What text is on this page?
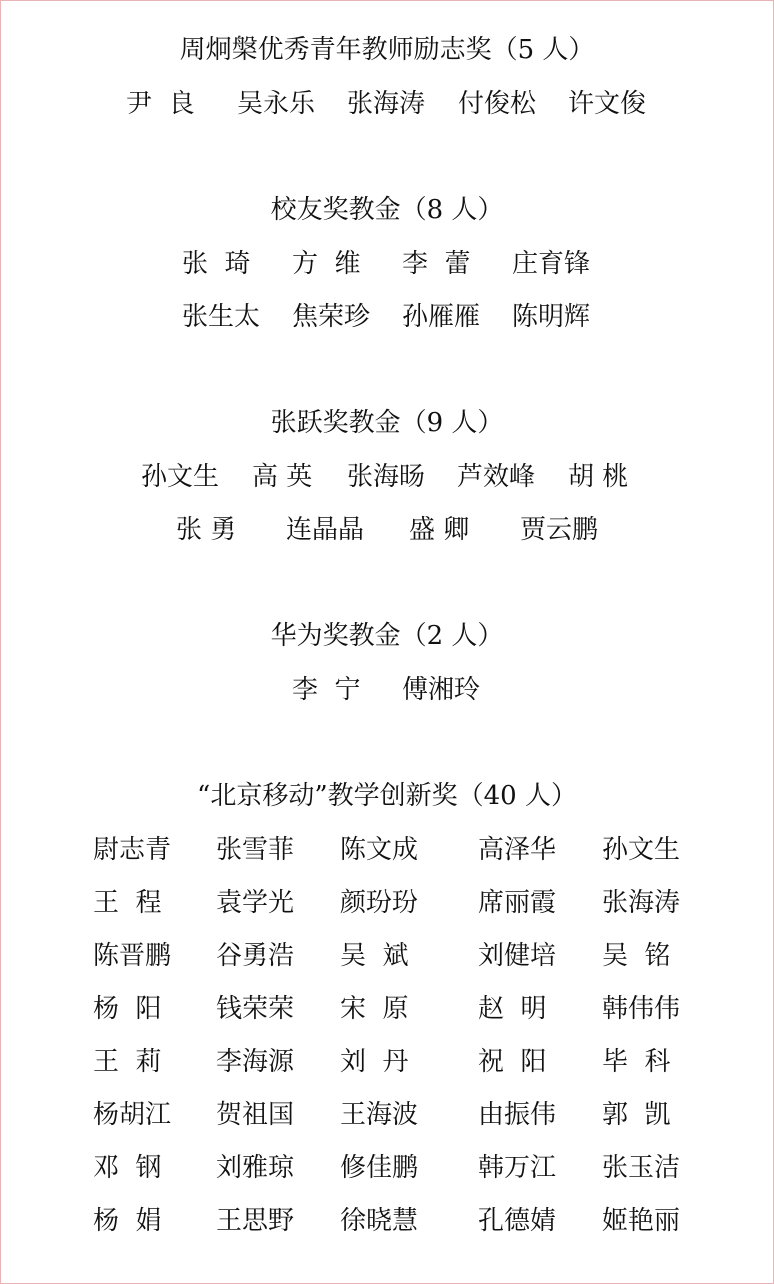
周炯槃优秀青年教师励志奖（5 人）
尹  良 吴永乐 张海涛 付俊松 许文俊
校友奖教金（8 人）
张  琦 方  维 李  蕾 庄育锋
张生太 焦荣珍 孙雁雁 陈明辉
张跃奖教金（9 人）
孙文生 高 英 张海旸 芦效峰 胡 桃
张 勇 连晶晶 盛 卿 贾云鹏
华为奖教金（2 人）
李  宁 傅湘玲
“北京移动”教学创新奖（40 人）
尉志青 张雪菲 陈文成 高泽华 孙文生
王  程 袁学光 颜玢玢 席丽霞 张海涛
陈晋鹏 谷勇浩 吴  斌	刘健培 吴  铭
杨  阳 钱荣荣 宋  原	赵  明 韩伟伟
王  莉 李海源 刘  丹	祝  阳 毕  科
杨胡江 贺祖国 王海波 由振伟 郭  凯
邓  钢 刘雅琼 修佳鹏 韩万江 张玉洁
杨  娟 王思野 徐晓慧 孔德婧 姬艳丽
